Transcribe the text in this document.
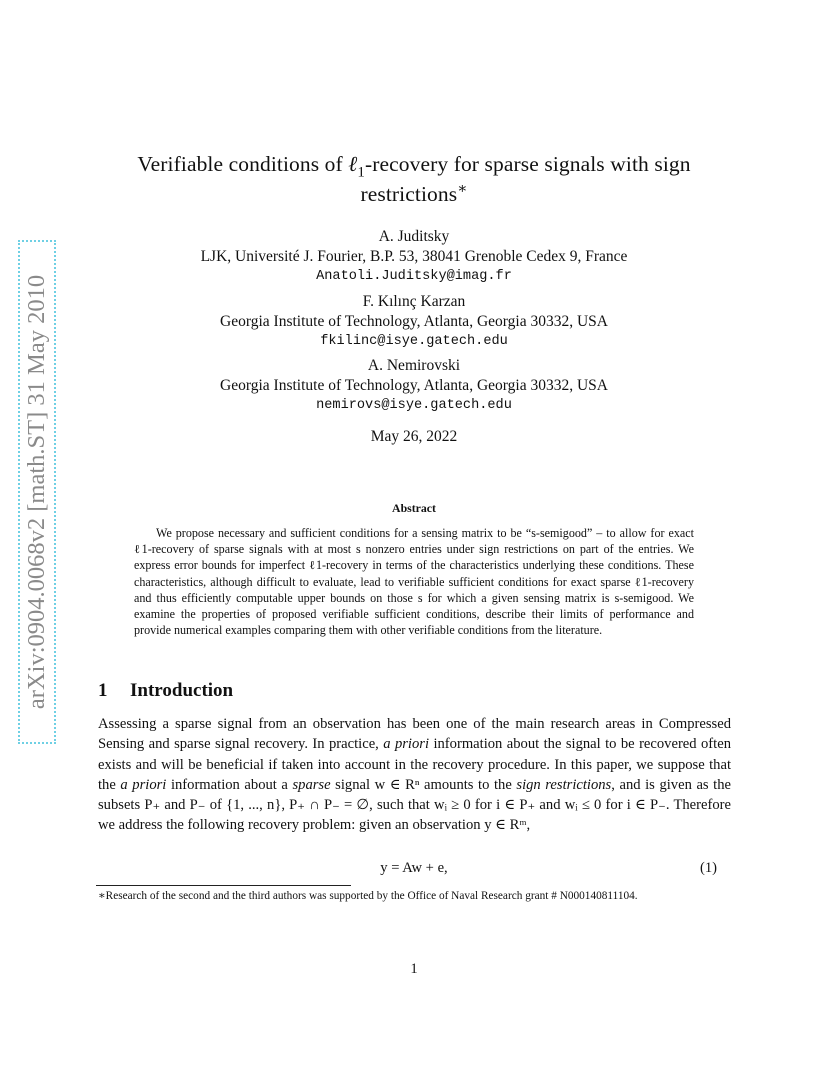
arXiv:0904.0068v2 [math.ST] 31 May 2010
Verifiable conditions of ℓ$_1$-recovery for sparse signals with sign
restrictions∗
A. Juditsky
LJK, Université J. Fourier, B.P. 53, 38041 Grenoble Cedex 9, France
Anatoli.Juditsky@imag.fr
F. Kılınç Karzan
Georgia Institute of Technology, Atlanta, Georgia 30332, USA
fkilinc@isye.gatech.edu
A. Nemirovski
Georgia Institute of Technology, Atlanta, Georgia 30332, USA
nemirovs@isye.gatech.edu
May 26, 2022
Abstract
We propose necessary and sufficient conditions for a sensing matrix to be “s-semigood” – to allow for exact ℓ1-recovery of sparse signals with at most s nonzero entries under sign restrictions on part of the entries. We express error bounds for imperfect ℓ1-recovery in terms of the characteristics underlying these conditions. These characteristics, although difficult to evaluate, lead to verifiable sufficient conditions for exact sparse ℓ1-recovery and thus efficiently computable upper bounds on those s for which a given sensing matrix is s-semigood. We examine the properties of proposed verifiable sufficient conditions, describe their limits of performance and provide numerical examples comparing them with other verifiable conditions from the literature.
1 Introduction

Assessing a sparse signal from an observation has been one of the main research areas in Compressed Sensing and sparse signal recovery. In practice, a priori information about the signal to be recovered often exists and will be beneficial if taken into account in the recovery procedure. In this paper, we suppose that the a priori information about a sparse signal w ∈ Rⁿ amounts to the sign restrictions, and is given as the subsets P₊ and P₋ of {1, ..., n}, P₊ ∩ P₋ = ∅, such that wᵢ ≥ 0 for i ∈ P₊ and wᵢ ≤ 0 for i ∈ P₋. Therefore we address the following recovery problem: given an observation y ∈ Rᵐ,

y = Aw + e,	(1)
∗Research of the second and the third authors was supported by the Office of Naval Research grant # N000140811104.
1
